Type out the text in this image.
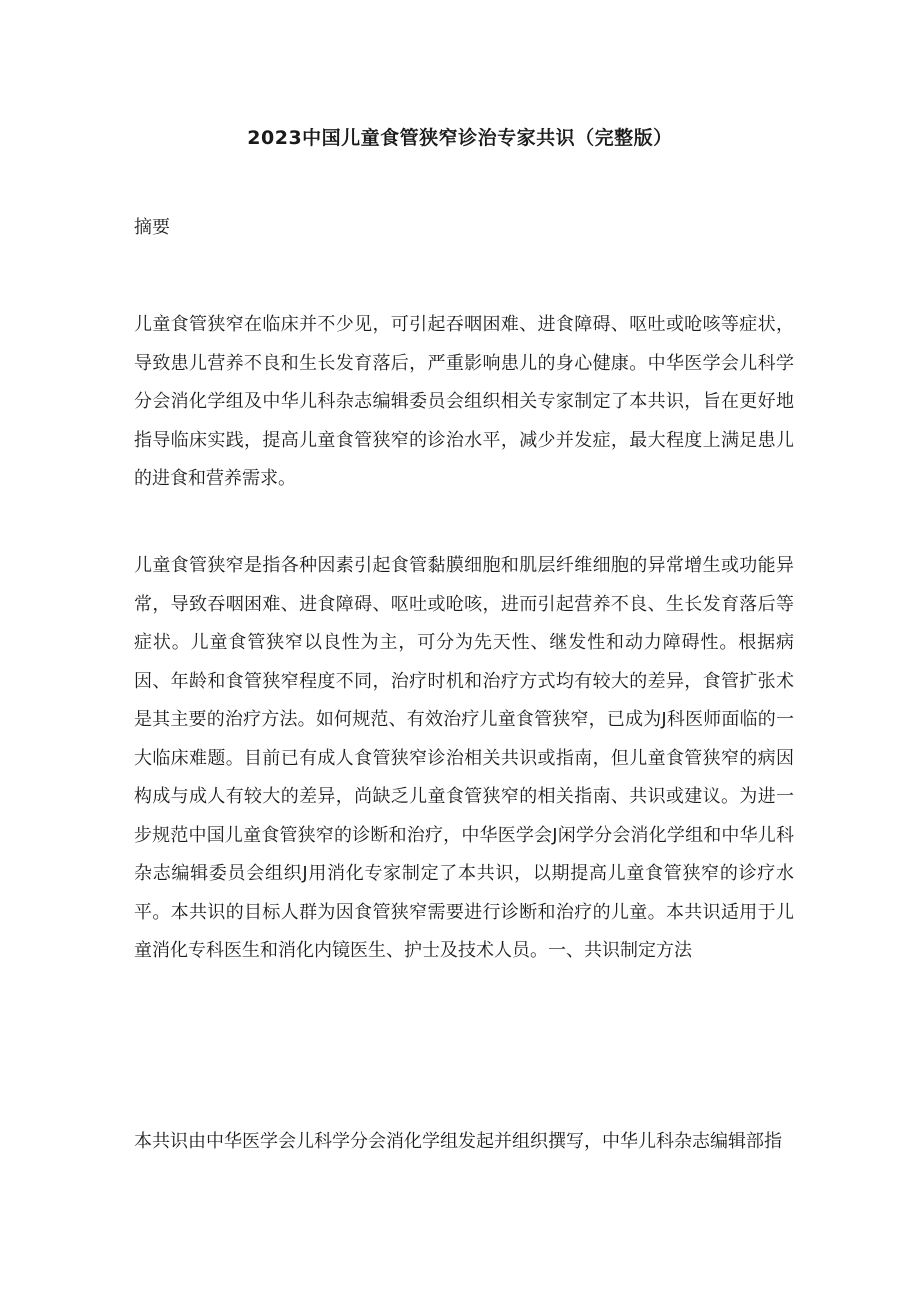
2023中国儿童食管狭窄诊治专家共识（完整版）
摘要

儿童食管狭窄在临床并不少见，可引起吞咽困难、进食障碍、呕吐或呛咳等症状，导致患儿营养不良和生长发育落后，严重影响患儿的身心健康。中华医学会儿科学分会消化学组及中华儿科杂志编辑委员会组织相关专家制定了本共识，旨在更好地指导临床实践，提高儿童食管狭窄的诊治水平，减少并发症，最大程度上满足患儿的进食和营养需求。

儿童食管狭窄是指各种因素引起食管黏膜细胞和肌层纤维细胞的异常增生或功能异常，导致吞咽困难、进食障碍、呕吐或呛咳，进而引起营养不良、生长发育落后等症状。儿童食管狭窄以良性为主，可分为先天性、继发性和动力障碍性。根据病因、年龄和食管狭窄程度不同，治疗时机和治疗方式均有较大的差异，食管扩张术是其主要的治疗方法。如何规范、有效治疗儿童食管狭窄，已成为J科医师面临的一大临床难题。目前已有成人食管狭窄诊治相关共识或指南，但儿童食管狭窄的病因构成与成人有较大的差异，尚缺乏儿童食管狭窄的相关指南、共识或建议。为进一步规范中国儿童食管狭窄的诊断和治疗，中华医学会J闲学分会消化学组和中华儿科杂志编辑委员会组织J用消化专家制定了本共识，以期提高儿童食管狭窄的诊疗水平。本共识的目标人群为因食管狭窄需要进行诊断和治疗的儿童。本共识适用于儿童消化专科医生和消化内镜医生、护士及技术人员。一、共识制定方法

本共识由中华医学会儿科学分会消化学组发起并组织撰写，中华儿科杂志编辑部指
